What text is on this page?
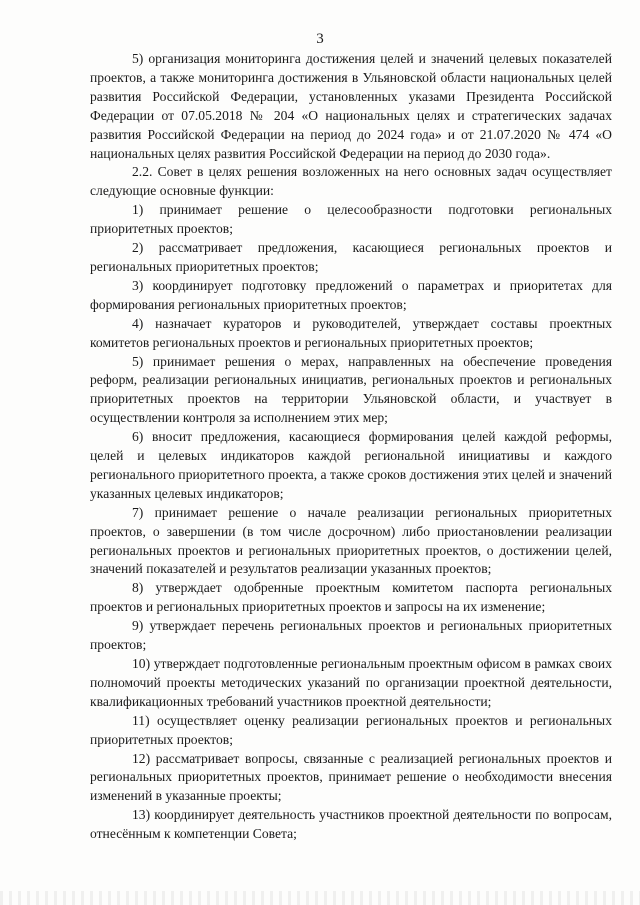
3

5) организация мониторинга достижения целей и значений целевых показателей проектов, а также мониторинга достижения в Ульяновской области национальных целей развития Российской Федерации, установленных указами Президента Российской Федерации от 07.05.2018 № 204 «О национальных целях и стратегических задачах развития Российской Федерации на период до 2024 года» и от 21.07.2020 № 474 «О национальных целях развития Российской Федерации на период до 2030 года».

2.2. Совет в целях решения возложенных на него основных задач осуществляет следующие основные функции:

1) принимает решение о целесообразности подготовки региональных приоритетных проектов;

2) рассматривает предложения, касающиеся региональных проектов и региональных приоритетных проектов;

3) координирует подготовку предложений о параметрах и приоритетах для формирования региональных приоритетных проектов;

4) назначает кураторов и руководителей, утверждает составы проектных комитетов региональных проектов и региональных приоритетных проектов;

5) принимает решения о мерах, направленных на обеспечение проведения реформ, реализации региональных инициатив, региональных проектов и региональных приоритетных проектов на территории Ульяновской области, и участвует в осуществлении контроля за исполнением этих мер;

6) вносит предложения, касающиеся формирования целей каждой реформы, целей и целевых индикаторов каждой региональной инициативы и каждого регионального приоритетного проекта, а также сроков достижения этих целей и значений указанных целевых индикаторов;

7) принимает решение о начале реализации региональных приоритетных проектов, о завершении (в том числе досрочном) либо приостановлении реализации региональных проектов и региональных приоритетных проектов, о достижении целей, значений показателей и результатов реализации указанных проектов;

8) утверждает одобренные проектным комитетом паспорта региональных проектов и региональных приоритетных проектов и запросы на их изменение;

9) утверждает перечень региональных проектов и региональных приоритетных проектов;

10) утверждает подготовленные региональным проектным офисом в рамках своих полномочий проекты методических указаний по организации проектной деятельности, квалификационных требований участников проектной деятельности;

11) осуществляет оценку реализации региональных проектов и региональных приоритетных проектов;

12) рассматривает вопросы, связанные с реализацией региональных проектов и региональных приоритетных проектов, принимает решение о необходимости внесения изменений в указанные проекты;

13) координирует деятельность участников проектной деятельности по вопросам, отнесённым к компетенции Совета;
